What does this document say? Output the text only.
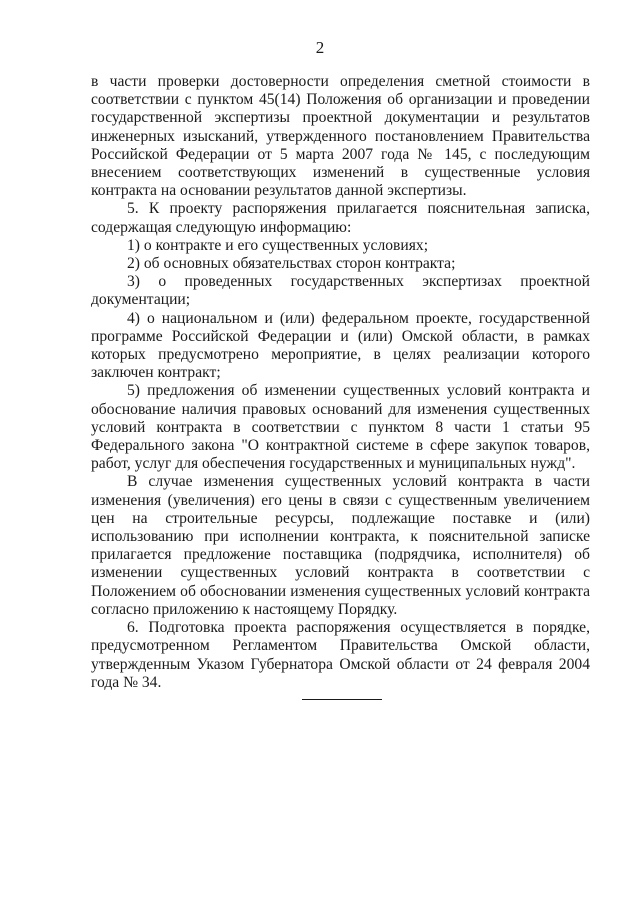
2

в части проверки достоверности определения сметной стоимости в соответствии с пунктом 45(14) Положения об организации и проведении государственной экспертизы проектной документации и результатов инженерных изысканий, утвержденного постановлением Правительства Российской Федерации от 5 марта 2007 года № 145, с последующим внесением соответствующих изменений в существенные условия контракта на основании результатов данной экспертизы.

5. К проекту распоряжения прилагается пояснительная записка, содержащая следующую информацию:

1) о контракте и его существенных условиях;

2) об основных обязательствах сторон контракта;

3) о проведенных государственных экспертизах проектной документации;

4) о национальном и (или) федеральном проекте, государственной программе Российской Федерации и (или) Омской области, в рамках которых предусмотрено мероприятие, в целях реализации которого заключен контракт;

5) предложения об изменении существенных условий контракта и обоснование наличия правовых оснований для изменения существенных условий контракта в соответствии с пунктом 8 части 1 статьи 95 Федерального закона "О контрактной системе в сфере закупок товаров, работ, услуг для обеспечения государственных и муниципальных нужд".

В случае изменения существенных условий контракта в части изменения (увеличения) его цены в связи с существенным увеличением цен на строительные ресурсы, подлежащие поставке и (или) использованию при исполнении контракта, к пояснительной записке прилагается предложение поставщика (подрядчика, исполнителя) об изменении существенных условий контракта в соответствии с Положением об обосновании изменения существенных условий контракта согласно приложению к настоящему Порядку.

6. Подготовка проекта распоряжения осуществляется в порядке, предусмотренном Регламентом Правительства Омской области, утвержденным Указом Губернатора Омской области от 24 февраля 2004 года № 34.
